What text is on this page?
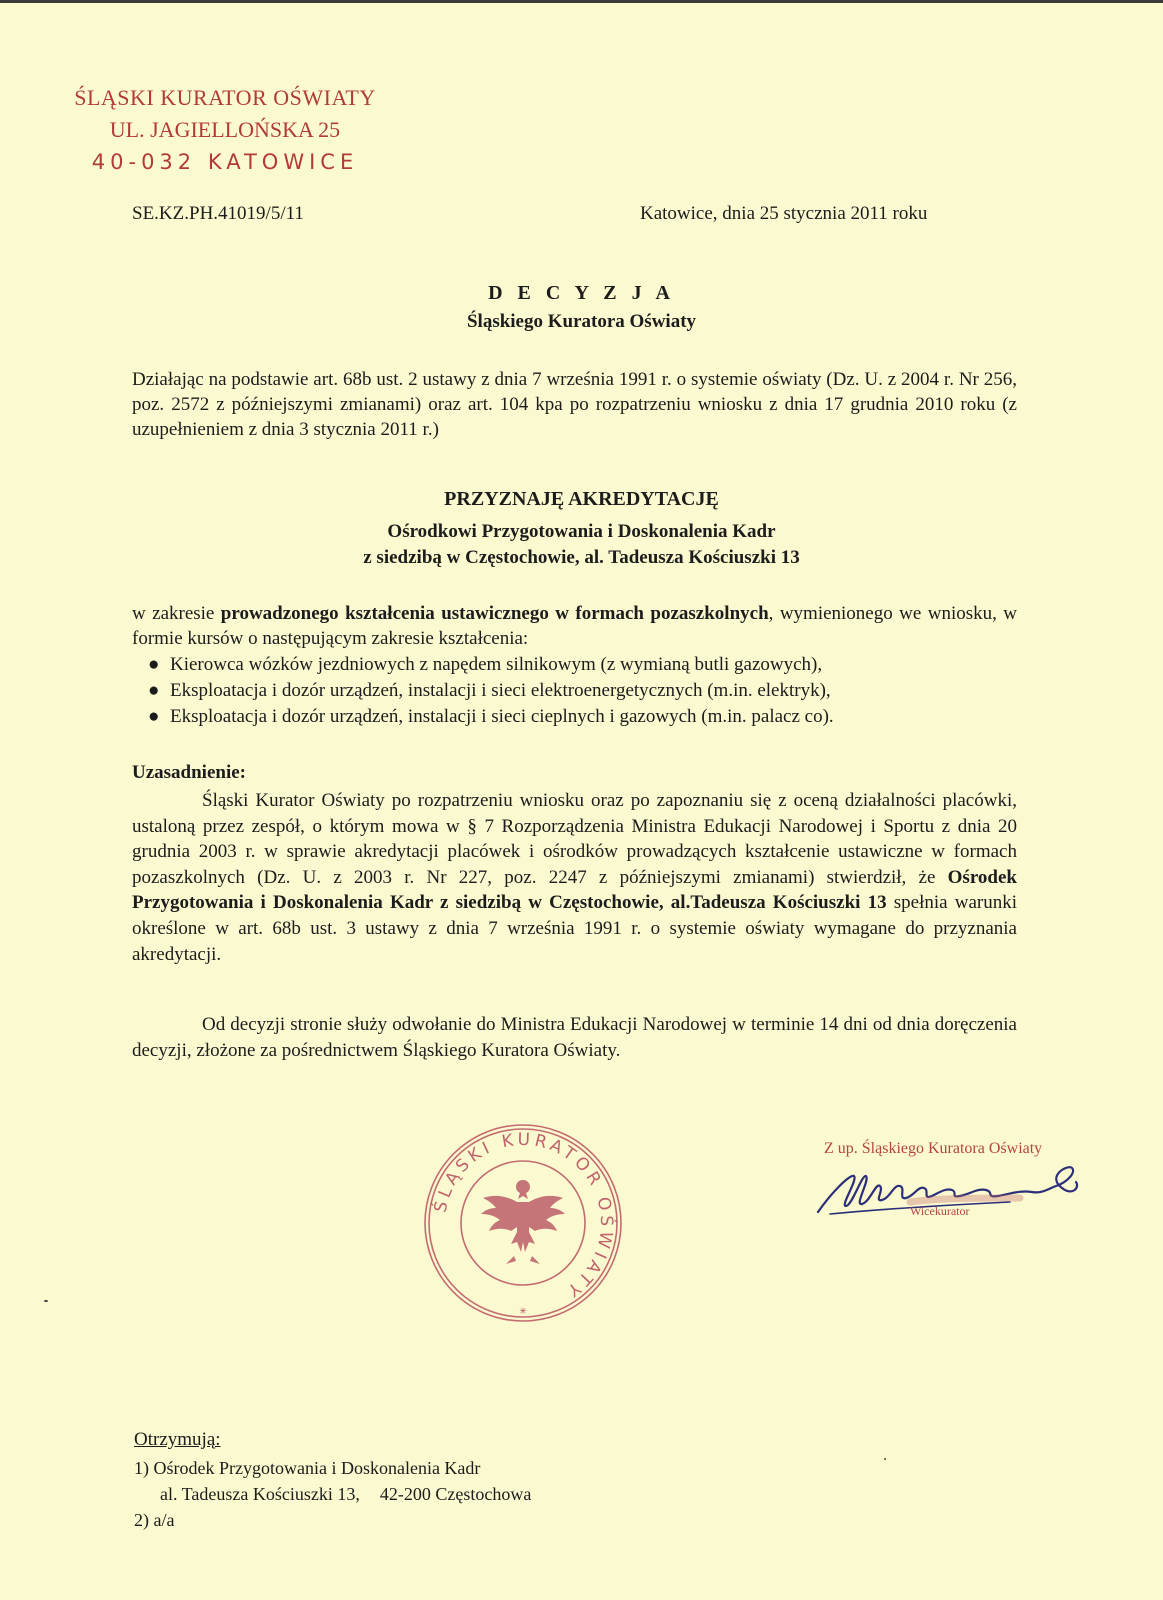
ŚLĄSKI KURATOR OŚWIATY
UL. JAGIELLOŃSKA 25
40-032 KATOWICE
SE.KZ.PH.41019/5/11	Katowice, dnia 25 stycznia 2011 roku
D E C Y Z J A
Śląskiego Kuratora Oświaty
Działając na podstawie art. 68b ust. 2 ustawy z dnia 7 września 1991 r. o systemie oświaty (Dz. U. z 2004 r. Nr 256, poz. 2572 z późniejszymi zmianami) oraz art. 104 kpa po rozpatrzeniu wniosku z dnia 17 grudnia 2010 roku (z uzupełnieniem z dnia 3 stycznia 2011 r.)
PRZYZNAJĘ AKREDYTACJĘ
Ośrodkowi Przygotowania i Doskonalenia Kadr
z siedzibą w Częstochowie, al. Tadeusza Kościuszki 13
w zakresie prowadzonego kształcenia ustawicznego w formach pozaszkolnych, wymienionego we wniosku, w formie kursów o następującym zakresie kształcenia:
● Kierowca wózków jezdniowych z napędem silnikowym (z wymianą butli gazowych),
● Eksploatacja i dozór urządzeń, instalacji i sieci elektroenergetycznych (m.in. elektryk),
● Eksploatacja i dozór urządzeń, instalacji i sieci cieplnych i gazowych (m.in. palacz co).
Uzasadnienie:
Śląski Kurator Oświaty po rozpatrzeniu wniosku oraz po zapoznaniu się z oceną działalności placówki, ustaloną przez zespół, o którym mowa w § 7 Rozporządzenia Ministra Edukacji Narodowej i Sportu z dnia 20 grudnia 2003 r. w sprawie akredytacji placówek i ośrodków prowadzących kształcenie ustawiczne w formach pozaszkolnych (Dz. U. z 2003 r. Nr 227, poz. 2247 z późniejszymi zmianami) stwierdził, że Ośrodek Przygotowania i Doskonalenia Kadr z siedzibą w Częstochowie, al.Tadeusza Kościuszki 13 spełnia warunki określone w art. 68b ust. 3 ustawy z dnia 7 września 1991 r. o systemie oświaty wymagane do przyznania akredytacji.
Od decyzji stronie służy odwołanie do Ministra Edukacji Narodowej w terminie 14 dni od dnia doręczenia decyzji, złożone za pośrednictwem Śląskiego Kuratora Oświaty.
ŚLĄSKI KURATOR OŚWIATY
✳
Z up. Śląskiego Kuratora Oświaty
Wicekurator
Otrzymują:
1) Ośrodek Przygotowania i Doskonalenia Kadr
al. Tadeusza Kościuszki 13, 42-200 Częstochowa
2) a/a
